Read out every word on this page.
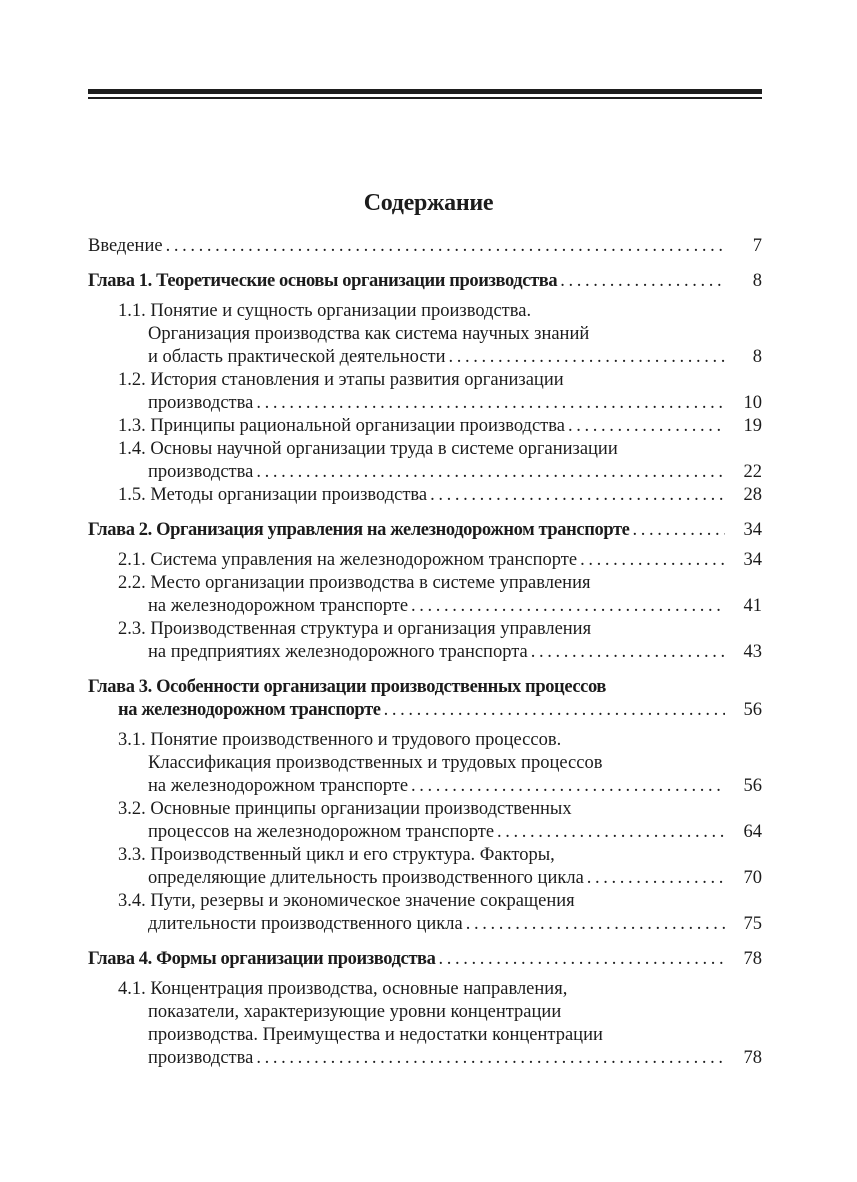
Содержание
Введение . . .	7
Глава 1. Теоретические основы организации производства . . .	8
1.1. Понятие и сущность организации производства.
Организация производства как система научных знаний
и область практической деятельности . . .	8
1.2. История становления и этапы развития организации
производства . . .	10
1.3. Принципы рациональной организации производства . . .	19
1.4. Основы научной организации труда в системе организации
производства . . .	22
1.5. Методы организации производства . . .	28
Глава 2. Организация управления на железнодорожном транспорте . . .	34
2.1. Система управления на железнодорожном транспорте . . .	34
2.2. Место организации производства в системе управления
на железнодорожном транспорте . . .	41
2.3. Производственная структура и организация управления
на предприятиях железнодорожного транспорта . . .	43
Глава 3. Особенности организации производственных процессов
на железнодорожном транспорте . . .	56
3.1. Понятие производственного и трудового процессов.
Классификация производственных и трудовых процессов
на железнодорожном транспорте . . .	56
3.2. Основные принципы организации производственных
процессов на железнодорожном транспорте . . .	64
3.3. Производственный цикл и его структура. Факторы,
определяющие длительность производственного цикла . . .	70
3.4. Пути, резервы и экономическое значение сокращения
длительности производственного цикла . . .	75
Глава 4. Формы организации производства . . .	78
4.1. Концентрация производства, основные направления,
показатели, характеризующие уровни концентрации
производства. Преимущества и недостатки концентрации
производства . . .	78
